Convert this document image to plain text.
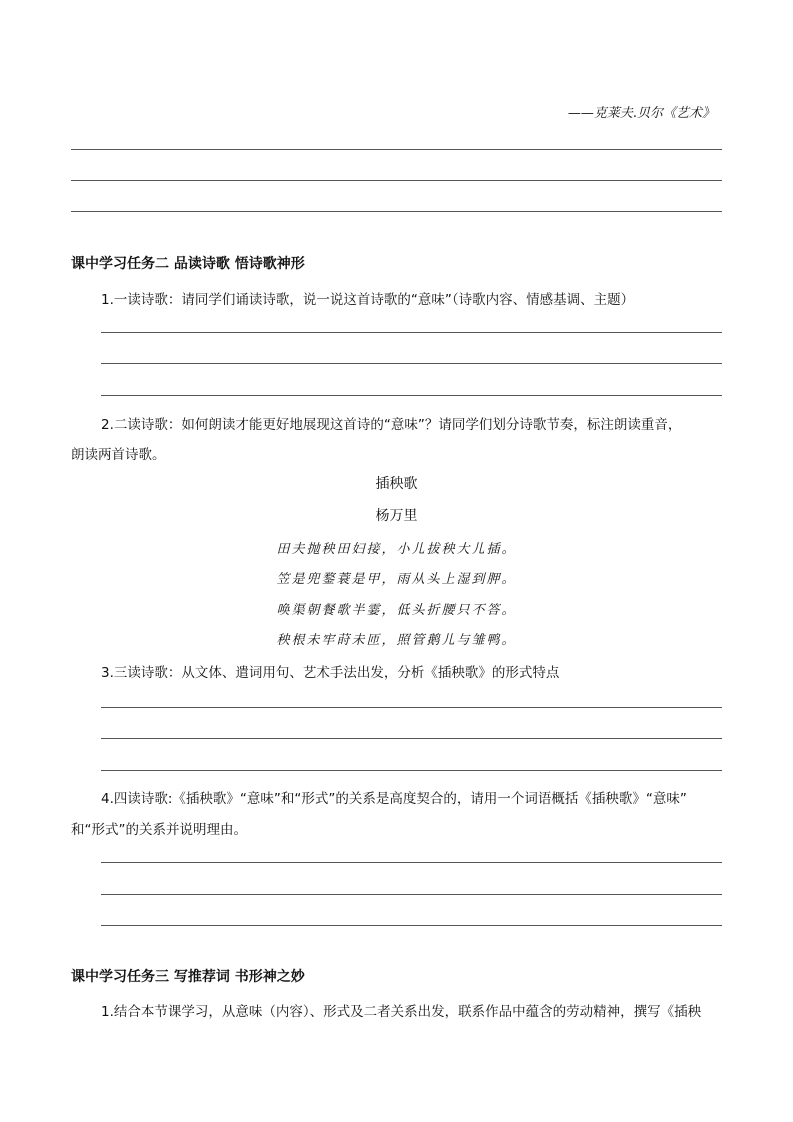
——克莱夫.贝尔《艺术》
课中学习任务二 品读诗歌 悟诗歌神形
1.一读诗歌：请同学们诵读诗歌，说一说这首诗歌的“意味”（诗歌内容、情感基调、主题）
2.二读诗歌：如何朗读才能更好地展现这首诗的“意味”？请同学们划分诗歌节奏，标注朗读重音，
朗读两首诗歌。
插秧歌
杨万里
田夫抛秧田妇接，小儿拔秧大儿插。
笠是兜鍪蓑是甲，雨从头上湿到胛。
唤渠朝餐歌半霎，低头折腰只不答。
秧根未牢莳未匝，照管鹅儿与雏鸭。
3.三读诗歌：从文体、遣词用句、艺术手法出发，分析《插秧歌》的形式特点
4.四读诗歌:《插秧歌》“意味”和“形式”的关系是高度契合的，请用一个词语概括《插秧歌》“意味”
和“形式”的关系并说明理由。
课中学习任务三 写推荐词 书形神之妙
1.结合本节课学习，从意味（内容）、形式及二者关系出发，联系作品中蕴含的劳动精神，撰写《插秧
